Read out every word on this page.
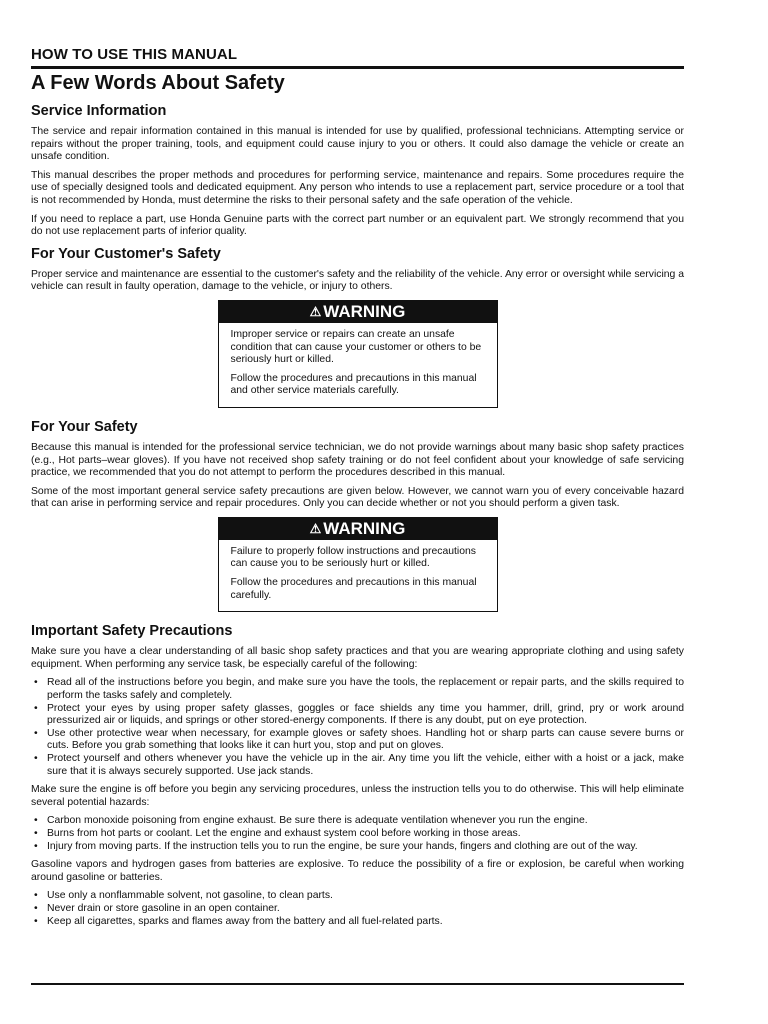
HOW TO USE THIS MANUAL
A Few Words About Safety
Service Information

The service and repair information contained in this manual is intended for use by qualified, professional technicians. Attempting service or repairs without the proper training, tools, and equipment could cause injury to you or others. It could also damage the vehicle or create an unsafe condition.

This manual describes the proper methods and procedures for performing service, maintenance and repairs. Some procedures require the use of specially designed tools and dedicated equipment. Any person who intends to use a replacement part, service procedure or a tool that is not recommended by Honda, must determine the risks to their personal safety and the safe operation of the vehicle.

If you need to replace a part, use Honda Genuine parts with the correct part number or an equivalent part. We strongly recommend that you do not use replacement parts of inferior quality.

For Your Customer's Safety

Proper service and maintenance are essential to the customer's safety and the reliability of the vehicle. Any error or oversight while servicing a vehicle can result in faulty operation, damage to the vehicle, or injury to others.

⚠ WARNING

Improper service or repairs can create an unsafe condition that can cause your customer or others to be seriously hurt or killed.

Follow the procedures and precautions in this manual and other service materials carefully.

For Your Safety

Because this manual is intended for the professional service technician, we do not provide warnings about many basic shop safety practices (e.g., Hot parts–wear gloves). If you have not received shop safety training or do not feel confident about your knowledge of safe servicing practice, we recommended that you do not attempt to perform the procedures described in this manual.

Some of the most important general service safety precautions are given below. However, we cannot warn you of every conceivable hazard that can arise in performing service and repair procedures. Only you can decide whether or not you should perform a given task.

⚠ WARNING

Failure to properly follow instructions and precautions can cause you to be seriously hurt or killed.

Follow the procedures and precautions in this manual carefully.

Important Safety Precautions

Make sure you have a clear understanding of all basic shop safety practices and that you are wearing appropriate clothing and using safety equipment. When performing any service task, be especially careful of the following:

• Read all of the instructions before you begin, and make sure you have the tools, the replacement or repair parts, and the skills required to perform the tasks safely and completely.
• Protect your eyes by using proper safety glasses, goggles or face shields any time you hammer, drill, grind, pry or work around pressurized air or liquids, and springs or other stored-energy components. If there is any doubt, put on eye protection.
• Use other protective wear when necessary, for example gloves or safety shoes. Handling hot or sharp parts can cause severe burns or cuts. Before you grab something that looks like it can hurt you, stop and put on gloves.
• Protect yourself and others whenever you have the vehicle up in the air. Any time you lift the vehicle, either with a hoist or a jack, make sure that it is always securely supported. Use jack stands.

Make sure the engine is off before you begin any servicing procedures, unless the instruction tells you to do otherwise. This will help eliminate several potential hazards:

• Carbon monoxide poisoning from engine exhaust. Be sure there is adequate ventilation whenever you run the engine.
• Burns from hot parts or coolant. Let the engine and exhaust system cool before working in those areas.
• Injury from moving parts. If the instruction tells you to run the engine, be sure your hands, fingers and clothing are out of the way.

Gasoline vapors and hydrogen gases from batteries are explosive. To reduce the possibility of a fire or explosion, be careful when working around gasoline or batteries.

• Use only a nonflammable solvent, not gasoline, to clean parts.
• Never drain or store gasoline in an open container.
• Keep all cigarettes, sparks and flames away from the battery and all fuel-related parts.
